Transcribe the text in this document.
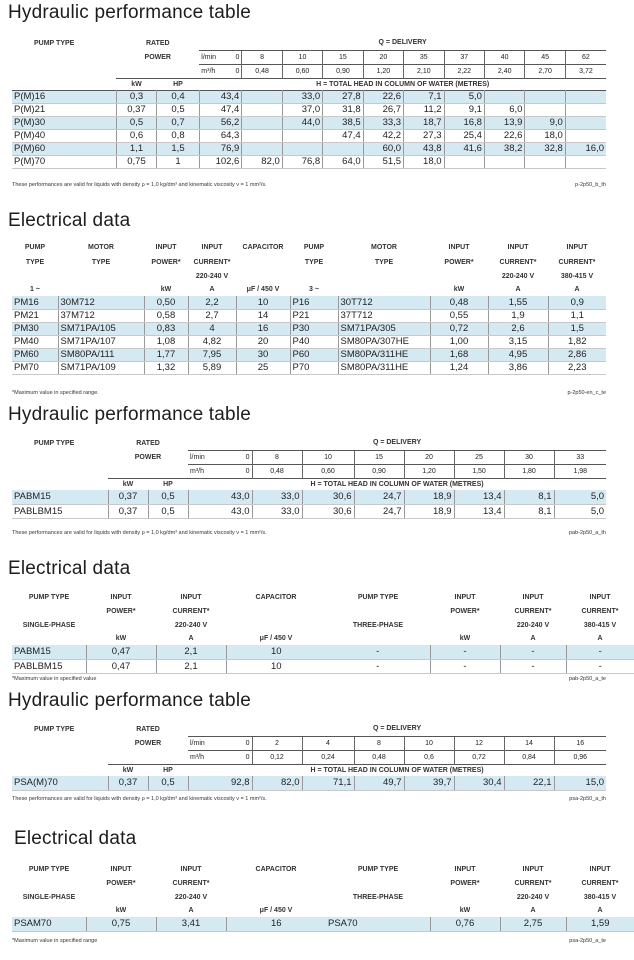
Hydraulic performance table
PUMP TYPE	RATED		Q = DELIVERY									
	POWER		l/min 0	8	10	15	20	35	37	40	45	62
			m³/h 0	0,48	0,60	0,90	1,20	2,10	2,22	2,40	2,70	3,72
	kW	HP	H = TOTAL HEAD IN COLUMN OF WATER (METRES)									
P(M)16	0,3	0,4	43,4		33,0	27,8	22,6	7,1	5,0			
P(M)21	0,37	0,5	47,4		37,0	31,8	26,7	11,2	9,1	6,0		
P(M)30	0,5	0,7	56,2		44,0	38,5	33,3	18,7	16,8	13,9	9,0	
P(M)40	0,6	0,8	64,3			47,4	42,2	27,3	25,4	22,6	18,0	
P(M)60	1,1	1,5	76,9				60,0	43,8	41,6	38,2	32,8	16,0
P(M)70	0,75	1	102,6	82,0	76,8	64,0	51,5	18,0				
These performances are valid for liquids with density ρ = 1,0 kg/dm³ and kinematic viscosity ν = 1 mm²/s.	p-2p50_b_th
Electrical data
PUMP	MOTOR	INPUT	INPUT	CAPACITOR	PUMP	MOTOR	INPUT	INPUT	INPUT
TYPE	TYPE	POWER*	CURRENT*		TYPE	TYPE	POWER*	CURRENT*	CURRENT*
			220-240 V					220-240 V	380-415 V
1 ~		kW	A	μF / 450 V	3 ~		kW	A	A
PM16	30M712	0,50	2,2	10	P16	30T712	0,48	1,55	0,9
PM21	37M712	0,58	2,7	14	P21	37T712	0,55	1,9	1,1
PM30	SM71PA/105	0,83	4	16	P30	SM71PA/305	0,72	2,6	1,5
PM40	SM71PA/107	1,08	4,82	20	P40	SM80PA/307HE	1,00	3,15	1,82
PM60	SM80PA/111	1,77	7,95	30	P60	SM80PA/311HE	1,68	4,95	2,86
PM70	SM71PA/109	1,32	5,89	25	P70	SM80PA/311HE	1,24	3,86	2,23
p-2p50-en_c_te
*Maximum value in specified range.
Hydraulic performance table
PUMP TYPE	RATED		Q = DELIVERY							
	POWER		l/min 0	8	10	15	20	25	30	33
			m³/h 0	0,48	0,60	0,90	1,20	1,50	1,80	1,98
	kW	HP	H = TOTAL HEAD IN COLUMN OF WATER (METRES)							
PABM15	0,37	0,5	43,0	33,0	30,6	24,7	18,9	13,4	8,1	5,0
PABLBM15	0,37	0,5	43,0	33,0	30,6	24,7	18,9	13,4	8,1	5,0
These performances are valid for liquids with density ρ = 1,0 kg/dm³ and kinematic viscosity ν = 1 mm²/s.	pab-2p50_a_th
Electrical data
PUMP TYPE	INPUT	INPUT	CAPACITOR	PUMP TYPE	INPUT	INPUT	INPUT
	POWER*	CURRENT*			POWER*	CURRENT*	CURRENT*
SINGLE-PHASE		220-240 V		THREE-PHASE		220-240 V	380-415 V
	kW	A	μF / 450 V		kW	A	A
PABM15	0,47	2,1	10	-	-	-	-
PABLBM15	0,47	2,1	10	-	-	-	-
*Maximum value in specified value	pab-2p50_a_te
Hydraulic performance table
PUMP TYPE	RATED		Q = DELIVERY							
	POWER		l/min 0	2	4	8	10	12	14	16
			m³/h 0	0,12	0,24	0,48	0,6	0,72	0,84	0,96
	kW	HP	H = TOTAL HEAD IN COLUMN OF WATER (METRES)							
PSA(M)70	0,37	0,5	92,8	82,0	71,1	49,7	39,7	30,4	22,1	15,0
These performances are valid for liquids with density ρ = 1,0 kg/dm³ and kinematic viscosity ν = 1 mm²/s.	psa-2p50_a_th
Electrical data
PUMP TYPE	INPUT	INPUT	CAPACITOR	PUMP TYPE	INPUT	INPUT	INPUT
	POWER*	CURRENT*			POWER*	CURRENT*	CURRENT*
SINGLE-PHASE		220-240 V		THREE-PHASE		220-240 V	380-415 V
	kW	A	μF / 450 V		kW	A	A
PSAM70	0,75	3,41	16	PSA70	0,76	2,75	1,59
*Maximum value in specified range	psa-2p50_a_te
